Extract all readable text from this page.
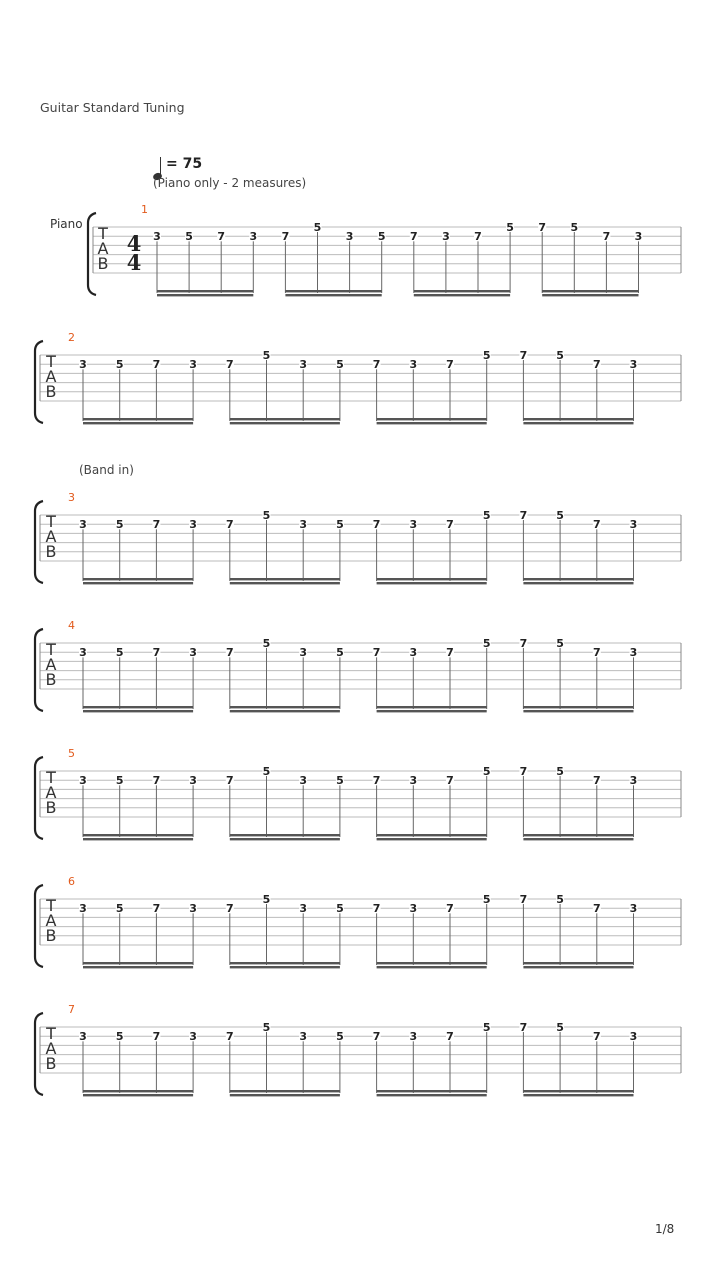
Guitar Standard Tuning
= 75
(Piano only - 2 measures)
Piano
(Band in)
T
A
B
4
4
1
3 5 7 3 7
5
3 5 7 3 7
5 7 5
7 3
T
A
B
2
3	5	7	3	7
5
3	5	7	3	7
5	7	5
7	3
T
A
B
3
3	5	7	3	7
5
3	5	7	3	7
5	7	5
7	3
T
A
B
4
3	5	7	3	7
5
3	5	7	3	7
5	7	5
7	3
T
A
B
5
3	5	7	3	7
5
3	5	7	3	7
5	7	5
7	3
T
A
B
6
3	5	7	3	7
5
3	5	7	3	7
5	7	5
7	3
T
A
B
7
3	5	7	3	7
5
3	5	7	3	7
5	7	5
7	3
1/8
